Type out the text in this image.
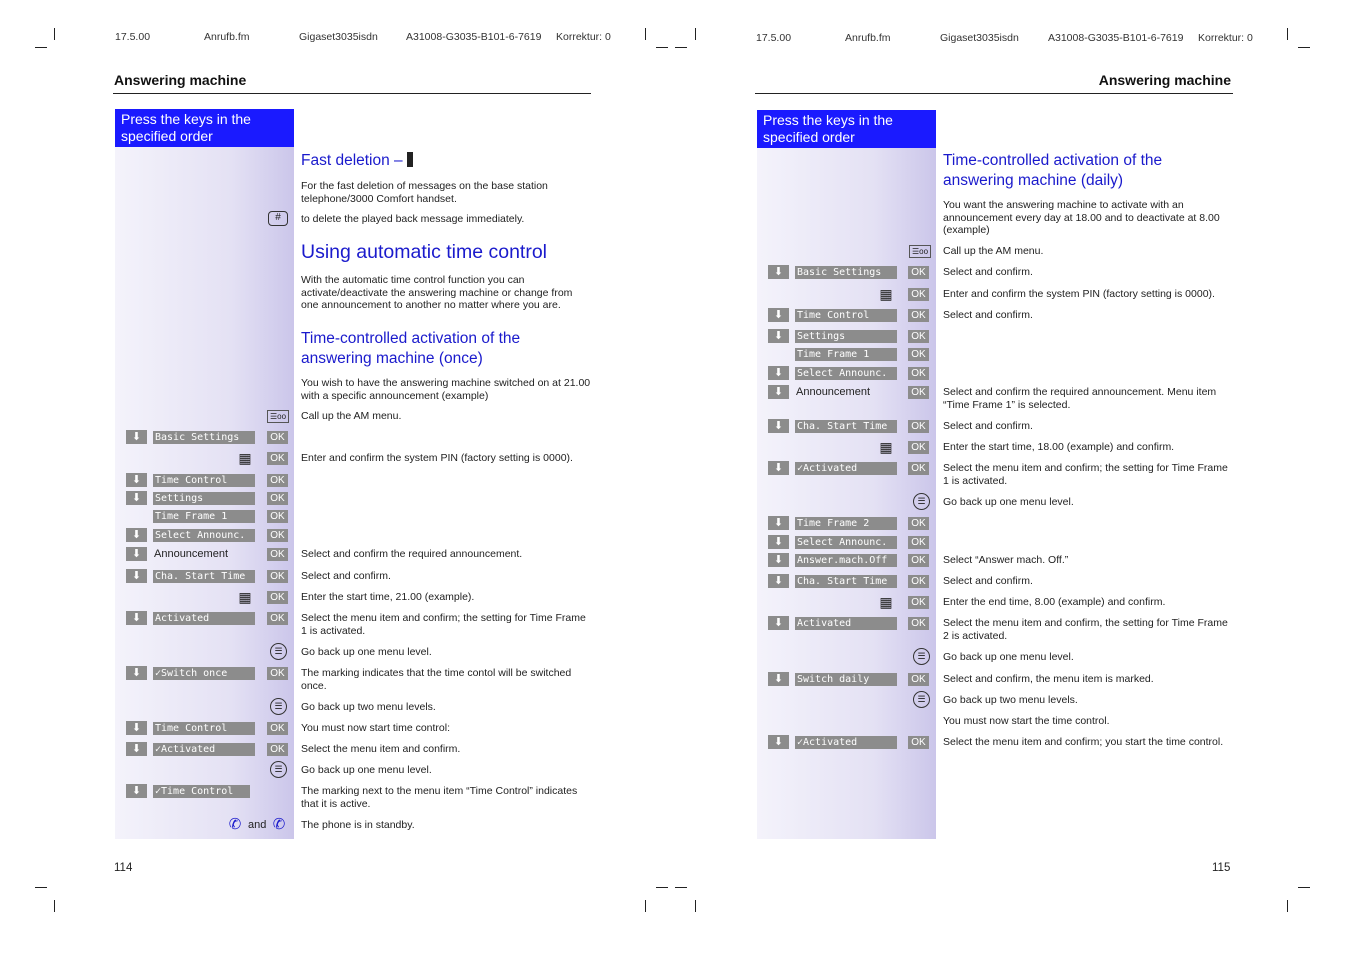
17.5.00	Anrufb.fm	Gigaset3035isdn	A31008-G3035-B101-6-7619 Korrektur: 0
Answering machine
Press the keys in the specified order
Fast deletion –
For the fast deletion of messages on the base station telephone/3000 Comfort handset.
#	to delete the played back message immediately.
Using automatic time control
With the automatic time control function you can activate/deactivate the answering machine or change from one announcement to another no matter where you are.
Time-controlled activation of the answering machine (once)
You wish to have the answering machine switched on at 21.00 with a specific announcement (example)
☰oo Call up the AM menu.
⬇	Basic Settings	OK
▦	OK	Enter and confirm the system PIN (factory setting is 0000).
⬇	Time Control	OK
⬇	Settings	OK
Time Frame 1	OK
⬇	Select Announc.	OK
⬇	Announcement	OK	Select and confirm the required announcement.
⬇	Cha. Start Time	OK	Select and confirm.
▦	OK	Enter the start time, 21.00 (example).
⬇	Activated	OK	Select the menu item and confirm; the setting for Time Frame 1 is activated.
☰	Go back up one menu level.
⬇	✓Switch once	OK	The marking indicates that the time contol will be switched once.
☰	Go back up two menu levels.
⬇	Time Control	OK	You must now start time control:
⬇	✓Activated	OK	Select the menu item and confirm.
☰	Go back up one menu level.
⬇	✓Time Control	The marking next to the menu item “Time Control” indicates that it is active.
✆ and ✆ The phone is in standby.
114
17.5.00	Anrufb.fm	Gigaset3035isdn	A31008-G3035-B101-6-7619 Korrektur: 0
Answering machine
Press the keys in the specified order
Time-controlled activation of the answering machine (daily)
You want the answering machine to activate with an announcement every day at 18.00 and to deactivate at 8.00 (example)
☰oo Call up the AM menu.
⬇	Basic Settings	OK	Select and confirm.
▦	OK	Enter and confirm the system PIN (factory setting is 0000).
⬇	Time Control	OK	Select and confirm.
⬇	Settings	OK
Time Frame 1	OK
⬇	Select Announc.	OK
⬇	Announcement	OK	Select and confirm the required announcement. Menu item “Time Frame 1” is selected.
⬇	Cha. Start Time	OK	Select and confirm.
▦	OK	Enter the start time, 18.00 (example) and confirm.
⬇	✓Activated	OK	Select the menu item and confirm; the setting for Time Frame 1 is activated.
☰	Go back up one menu level.
⬇	Time Frame 2	OK
⬇	Select Announc.	OK
⬇	Answer.mach.Off	OK	Select “Answer mach. Off.”
⬇	Cha. Start Time	OK	Select and confirm.
▦	OK	Enter the end time, 8.00 (example) and confirm.
⬇	Activated	OK	Select the menu item and confirm, the setting for Time Frame 2 is activated.
☰	Go back up one menu level.
⬇	Switch daily	OK	Select and confirm, the menu item is marked.
☰	Go back up two menu levels.
You must now start the time control.
⬇	✓Activated	OK	Select the menu item and confirm; you start the time control.
115
